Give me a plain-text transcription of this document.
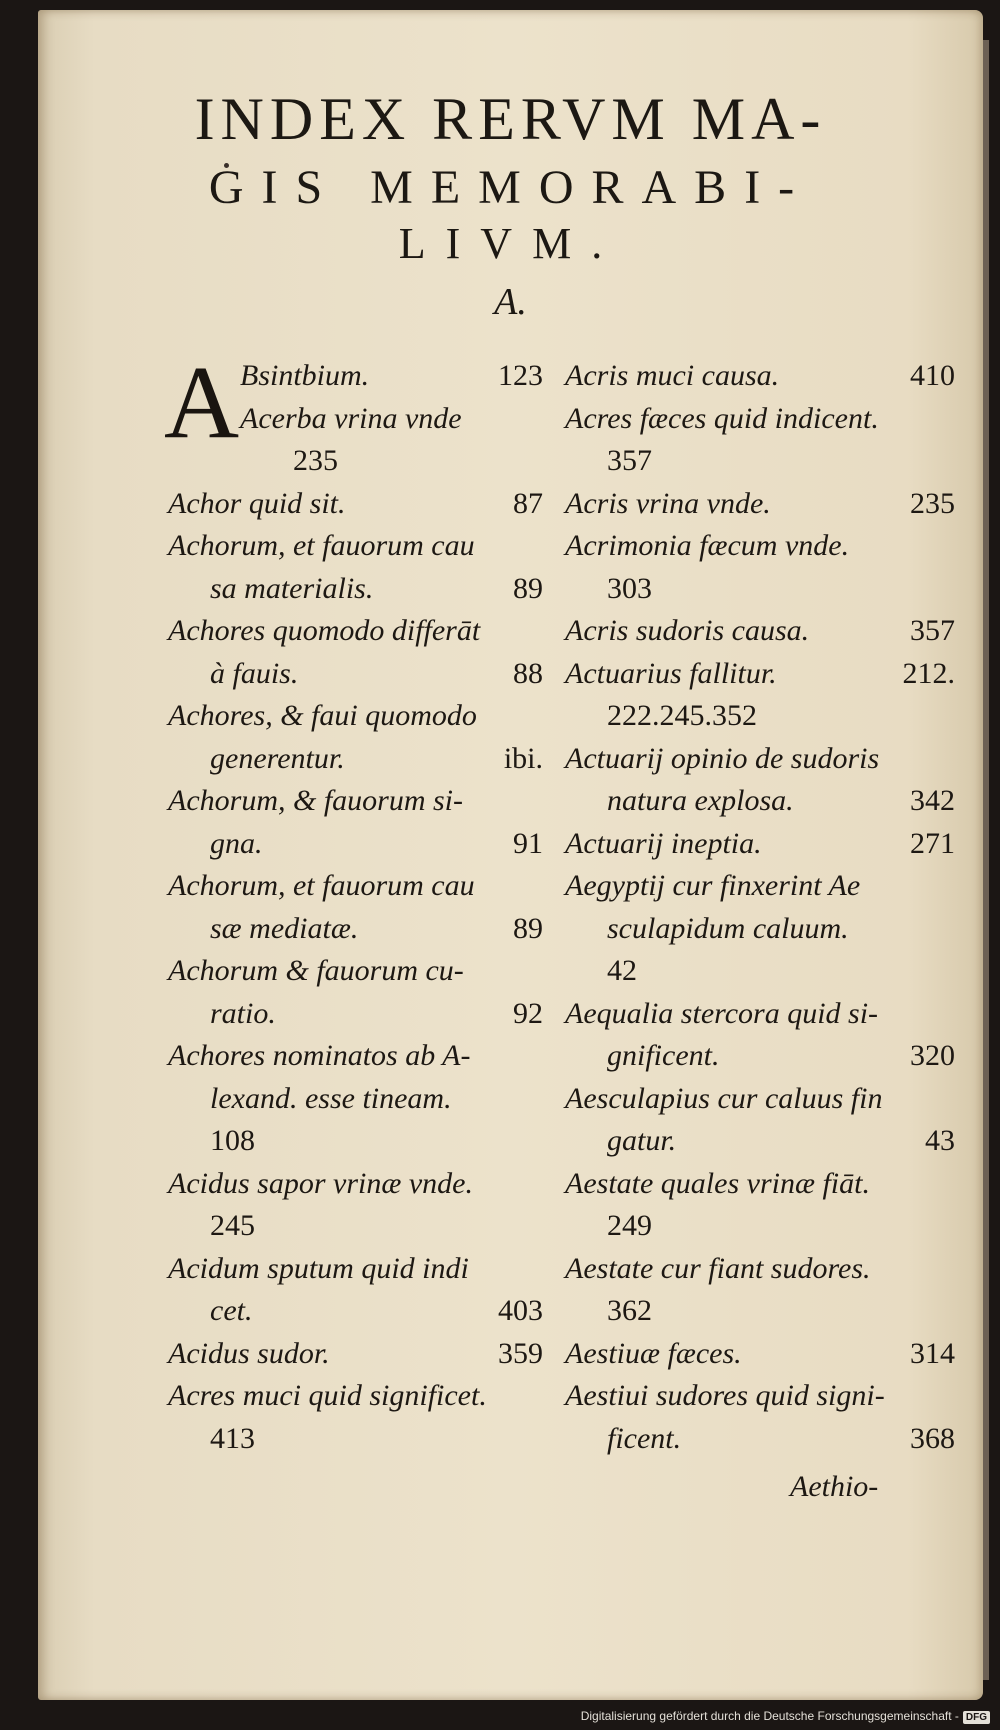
INDEX RERVM MA-
GIS MEMORABI-
LIVM.
A.
A Bsintbium.	123
Acerba vrina vnde
235
Achor quid sit.	87
Achorum, et fauorum cau
sa materialis.	89
Achores quomodo differāt
à fauis.	88
Achores, & faui quomodo
generentur.	ibi.
Achorum, & fauorum si-
gna.	91
Achorum, et fauorum cau
sæ mediatæ.	89
Achorum & fauorum cu-
ratio.	92
Achores nominatos ab A-
lexand. esse tineam.
108
Acidus sapor vrinæ vnde.
245
Acidum sputum quid indi
cet.	403
Acidus sudor.	359
Acres muci quid significet.
413
Acris muci causa.	410
Acres fæces quid indicent.
357
Acris vrina vnde.	235
Acrimonia fæcum vnde.
303
Acris sudoris causa.	357
Actuarius fallitur.	212.
222.245.352
Actuarij opinio de sudoris
natura explosa.	342
Actuarij ineptia.	271
Aegyptij cur finxerint Ae
sculapidum caluum.
42
Aequalia stercora quid si-
gnificent.	320
Aesculapius cur caluus fin
gatur.	43
Aestate quales vrinæ fiāt.
249
Aestate cur fiant sudores.
362
Aestiuæ fæces.	314
Aestiui sudores quid signi-
ficent.	368
Aethio-
Digitalisierung gefördert durch die Deutsche Forschungsgemeinschaft - DFG
